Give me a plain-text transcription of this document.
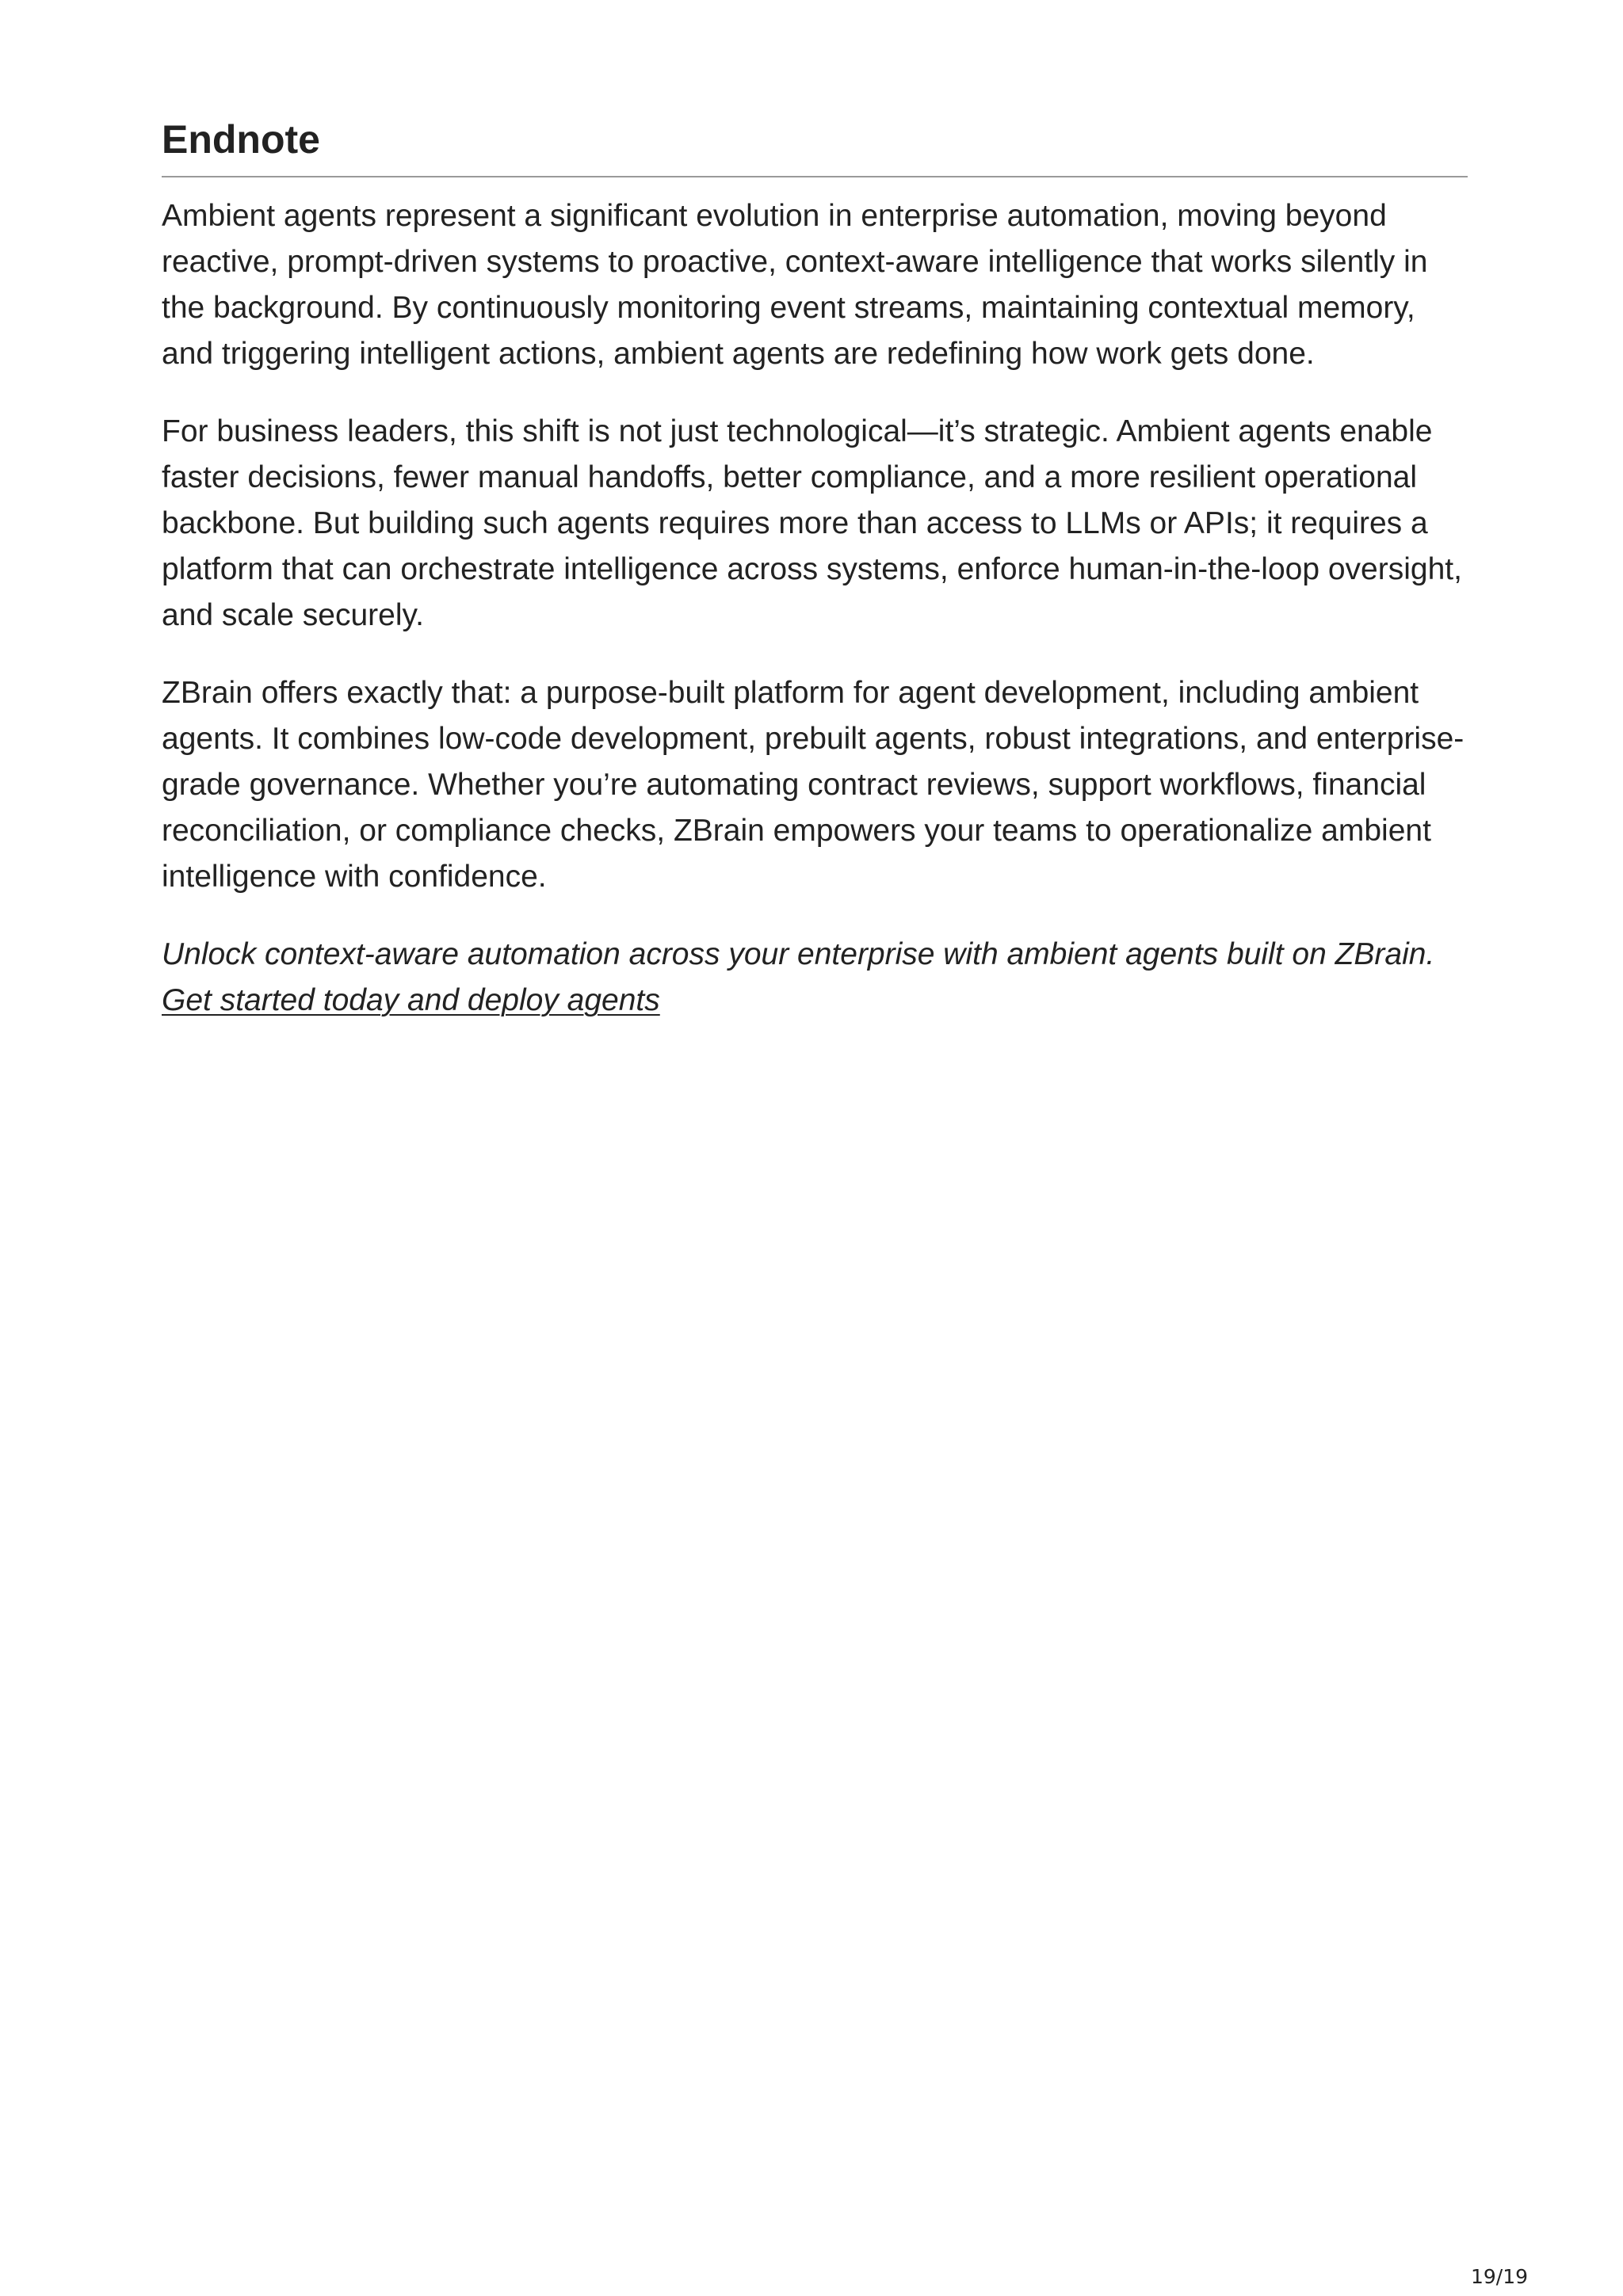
Endnote

Ambient agents represent a significant evolution in enterprise automation, moving beyond reactive, prompt-driven systems to proactive, context-aware intelligence that works silently in the background. By continuously monitoring event streams, maintaining contextual memory, and triggering intelligent actions, ambient agents are redefining how work gets done.

For business leaders, this shift is not just technological—it’s strategic. Ambient agents enable faster decisions, fewer manual handoffs, better compliance, and a more resilient operational backbone. But building such agents requires more than access to LLMs or APIs; it requires a platform that can orchestrate intelligence across systems, enforce human-in-the-loop oversight, and scale securely.

ZBrain offers exactly that: a purpose-built platform for agent development, including ambient agents. It combines low-code development, prebuilt agents, robust integrations, and enterprise-grade governance. Whether you’re automating contract reviews, support workflows, financial reconciliation, or compliance checks, ZBrain empowers your teams to operationalize ambient intelligence with confidence.

Unlock context-aware automation across your enterprise with ambient agents built on ZBrain. Get started today and deploy agents

19/19
